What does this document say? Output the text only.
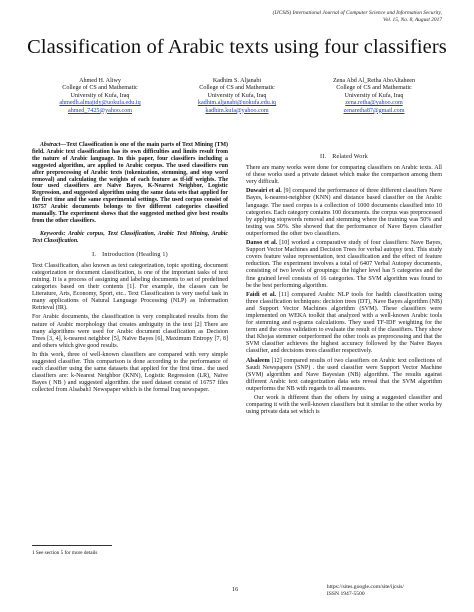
(IJCSIS) International Journal of Computer Science and Information Security,
Vol. 15, No. 8, August 2017
Classification of Arabic texts using four classifiers
Ahmed H. Aliwy
College of CS and Mathematic
University of Kufa, Iraq
ahmedh.almajidy@uokufa.edu.iq
ahmed_7425@yahoo.com
Kadhim S. Aljanabi
College of CS and Mathematic
University of Kufa, Iraq
kadhim.aljanabi@uokufa.edu.iq
kadhim.kufa@yahoo.com
Zena Abd Al_Retha AboAltaheen
College of CS and Mathematic
University of Kufa, Iraq
zena.retha@yahoo.com
zenaretha87@gmail.com

Abstract—Text Classification is one of the main parts of Text Mining (TM) field. Arabic text classification has its own difficulties and limits result from the nature of Arabic language. In this paper, four classifiers including a suggested algorithm, are applied to Arabic corpus. The used classifiers run after preprocessing of Arabic texts (tokenization, stemming, and stop word removal) and calculating the weights of each feature as tf-idf weights. The four used classifiers are Naïve Bayes, K-Nearest Neighbor, Logistic Regression, and suggested algorithm using the same data sets that applied for the first time and the same experimental settings. The used corpus consist of 16757 Arabic documents belongs to five different categories classified manually. The experiment shows that the suggested method give best results from the other classifiers.

Keywords: Arabic corpus, Text Classification, Arabic Text Mining, Arabic Text Classification.

I. Introduction (Heading 1)

Text Classification, also known as text categorization, topic spotting, document categorization or document classification, is one of the important tasks of text mining. It is a process of assigning and labeling documents to set of predefined categories based on their contents [1]. For example, the classes can be Literature, Arts, Economy, Sport, etc.. Text Classification is very useful task in many applications of Natural Language Processing (NLP) as Information Retrieval (IR).

For Arabic documents, the classification is very complicated results from the nature of Arabic morphology that creates ambiguity in the text [2] There are many algorithms were used for Arabic document classification as Decision Trees [3, 4], k-nearest neighbor [5], Naïve Bayes [6], Maximum Entropy [7, 8] and others which give good results.

In this work, three of well-known classifiers are compared with very simple suggested classifier. This comparison is done according to the performance of each classifier using the same datasets that applied for the first time.. the used classifiers are: k-Nearest Neighbor (KNN), Logistic Regression (LR), Naïve Bayes ( NB ) and suggested algorithm. the used dataset consist of 16757 files collected from Alsabah1 Newspaper which is the formal Iraq newspaper.

II. Related Work

There are many works were done for comparing classifiers on Arabic texts. All of these works used a private dataset which make the comparison among them very difficult.

Duwairi et al. [9] compared the performance of three different classifiers Nave Bayes, k-nearest-neighbor (KNN) and distance based classifier on the Arabic language. The used corpus is a collection of 1000 documents classified into 10 categories. Each category contains 100 documents. the corpus was preprocessed by applying stopwords removal and stemming where the training was 50% and testing was 50%. She showed that the performance of Nave Bayes classifier outperformed the other two classifiers.

Danso et al. [10] worked a comparative study of four classifiers: Nave Bayes, Support Vector Machines and Decision Trees for verbal autopsy text. This study covers feature value representation, text classification and the effect of feature reduction. The experiment involves a total of 6407 Verbal Autopsy documents, consisting of two levels of groupings: the higher level has 5 categories and the fine grained level consists of 16 categories. The SVM algorithm was found to be the best performing algorithm.

Faidi et al. [11] compared Arabic NLP tools for hadith classification using three classification techniques: decision trees (DT), Nave Bayes algorithm (NB) and Support Vector Machines algorithm (SVM). These classifiers were implemented on WEKA toolkit that analyzed with a well-known Arabic tools for stemming and n-grams calculations. They used TF-IDF weighting for the term and the cross validation to evaluate the result of the classifiers. They show that Khojas stemmer outperformed the other tools as preprocessing and that the SVM classifier achieves the highest accuracy followed by the Naive Bayes classifier, and decisions trees classifier respectively.

Alsaleem [12] compared results of two classifiers on Arabic text collections of Saudi Newspapers (SNP) . the used classifier were Support Vector Machine (SVM) algorithm and Nave Bayesian (NB) algorithm. The results against different Arabic text categorization data sets reveal that the SVM algorithm outperforms the NB with regards to all measures.

Our work is different than the others by using a suggested classifier and comparing it with the well-known classifiers but it similar to the other works by using private data set which is

1 See section 5 for more details
16	https://sites.google.com/site/ijcsis/
ISSN 1947-5500
